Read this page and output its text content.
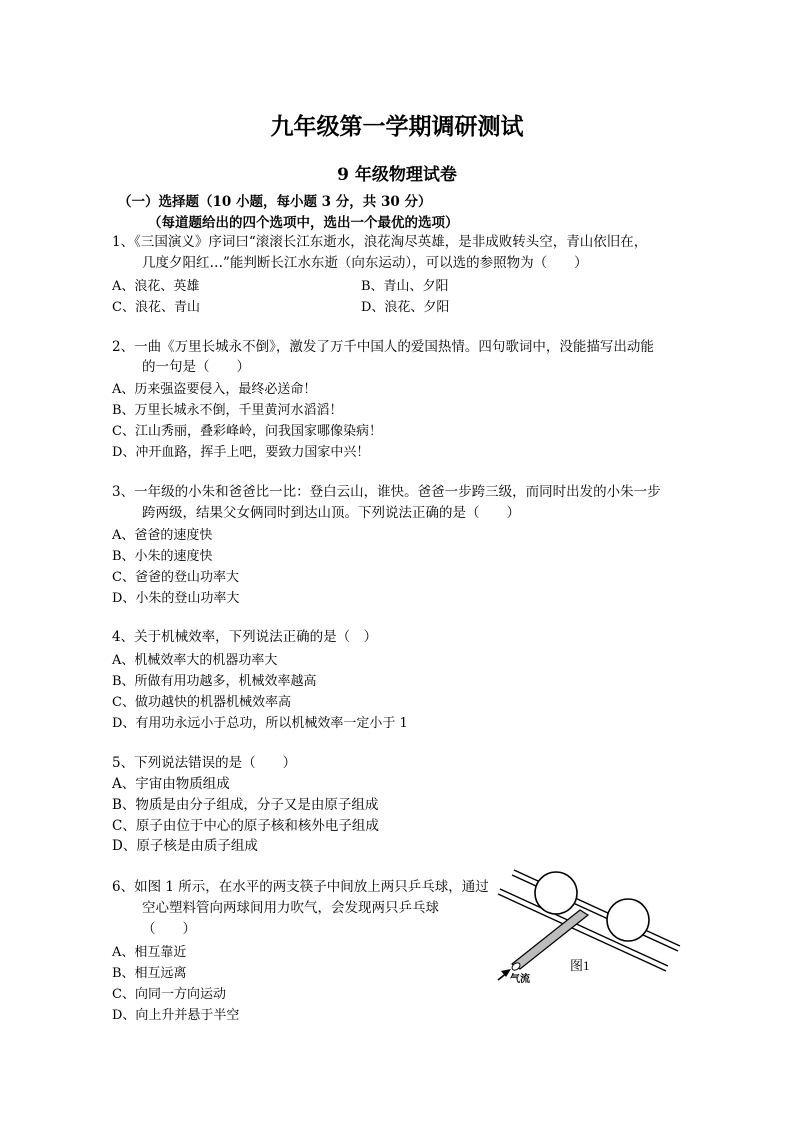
九年级第一学期调研测试
9 年级物理试卷
（一）选择题（10 小题，每小题 3 分，共 30 分）
（每道题给出的四个选项中，选出一个最优的选项）
1、《三国演义》序词曰“滚滚长江东逝水，浪花淘尽英雄，是非成败转头空，青山依旧在，
几度夕阳红…”能判断长江水东逝（向东运动），可以选的参照物为（　　）
A、浪花、英雄	B、青山、夕阳
C、浪花、青山	D、浪花、夕阳
2、一曲《万里长城永不倒》，激发了万千中国人的爱国热情。四句歌词中，没能描写出动能
的一句是（　　）
A、历来强盗要侵入，最终必送命！
B、万里长城永不倒，千里黄河水滔滔！
C、江山秀丽，叠彩峰岭，问我国家哪像染病！
D、冲开血路，挥手上吧，要致力国家中兴！
3、一年级的小朱和爸爸比一比：登白云山，谁快。爸爸一步跨三级，而同时出发的小朱一步
跨两级，结果父女俩同时到达山顶。下列说法正确的是（　　）
A、爸爸的速度快
B、小朱的速度快
C、爸爸的登山功率大
D、小朱的登山功率大
4、关于机械效率，下列说法正确的是（　）
A、机械效率大的机器功率大
B、所做有用功越多，机械效率越高
C、做功越快的机器机械效率高
D、有用功永远小于总功，所以机械效率一定小于 1
5、下列说法错误的是（　　）
A、宇宙由物质组成
B、物质是由分子组成，分子又是由原子组成
C、原子由位于中心的原子核和核外电子组成
D、原子核是由质子组成
6、如图 1 所示，在水平的两支筷子中间放上两只乒乓球，通过
空心塑料管向两球间用力吹气，会发现两只乒乓球
（　　）
A、相互靠近
B、相互远离
C、向同一方向运动
D、向上升并悬于半空
气流
图1
